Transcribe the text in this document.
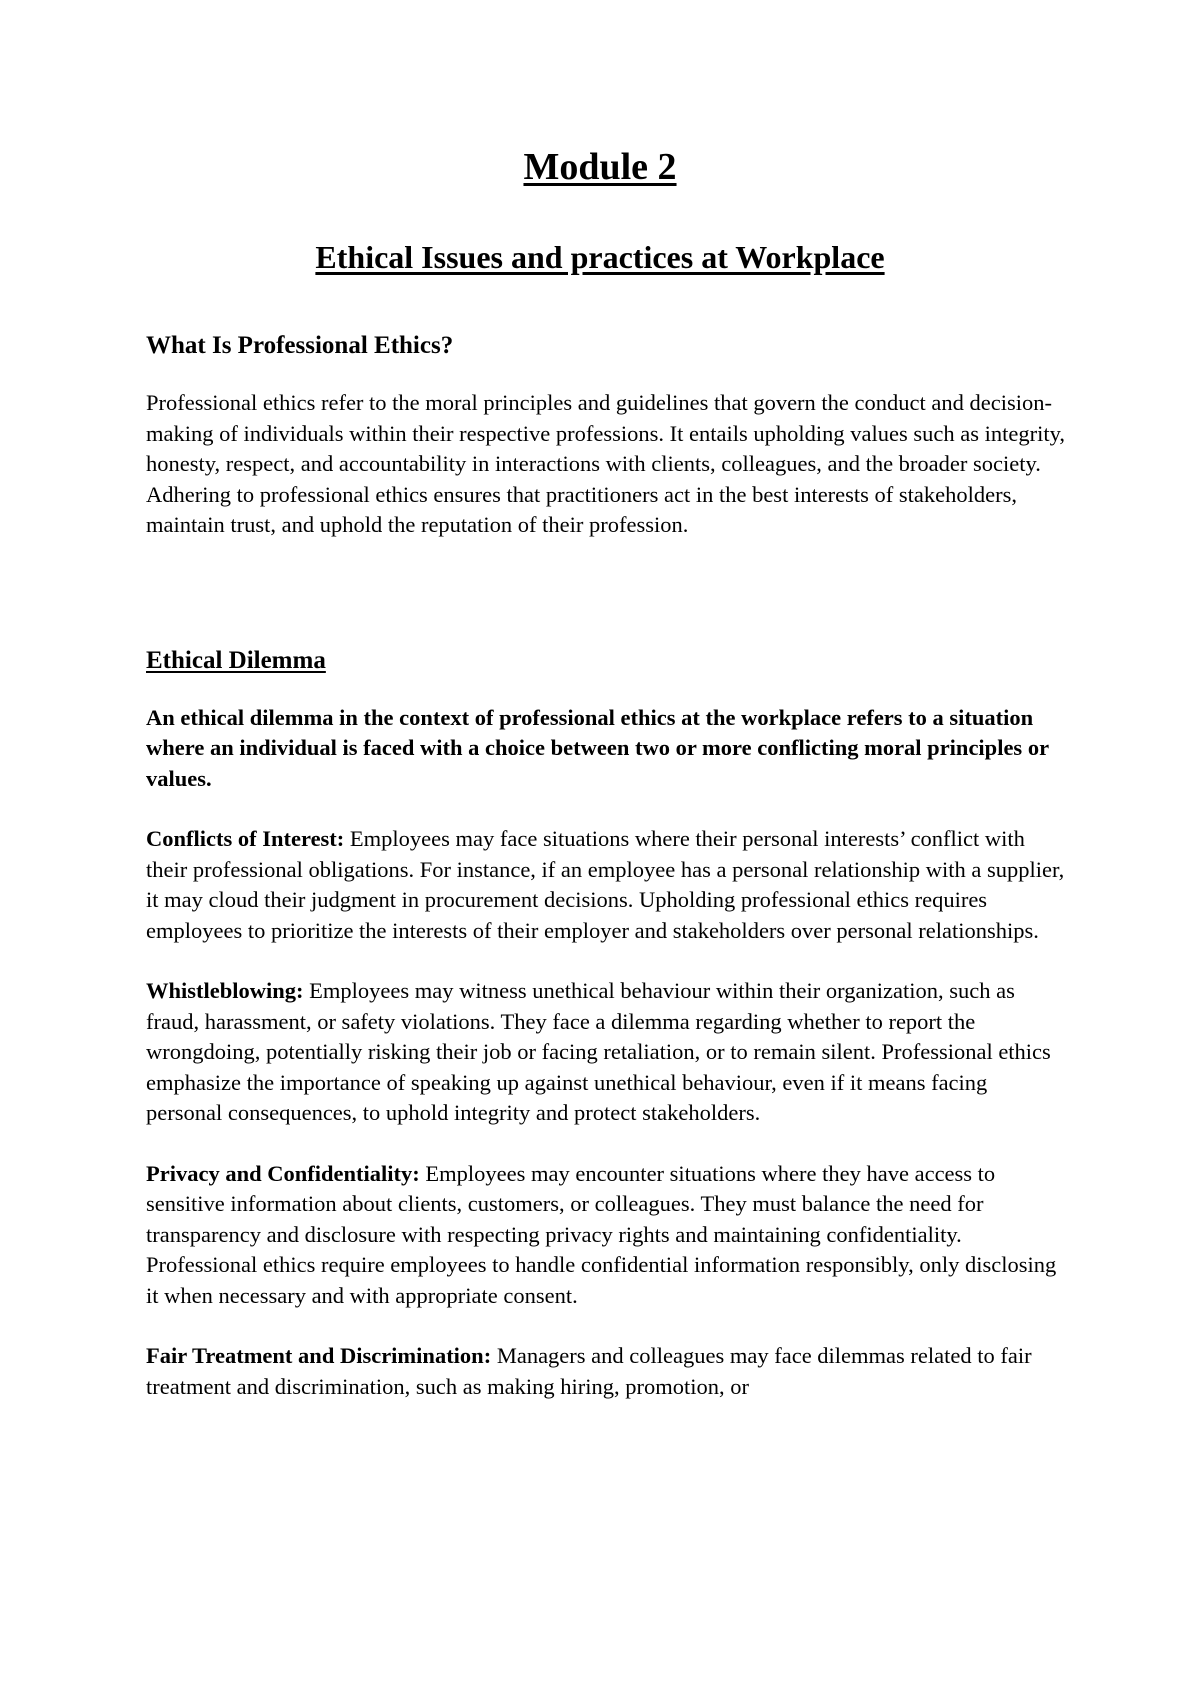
Module 2
Ethical Issues and practices at Workplace
What Is Professional Ethics?

Professional ethics refer to the moral principles and guidelines that govern the conduct and decision-making of individuals within their respective professions. It entails upholding values such as integrity, honesty, respect, and accountability in interactions with clients, colleagues, and the broader society. Adhering to professional ethics ensures that practitioners act in the best interests of stakeholders, maintain trust, and uphold the reputation of their profession.

Ethical Dilemma

An ethical dilemma in the context of professional ethics at the workplace refers to a situation where an individual is faced with a choice between two or more conflicting moral principles or values.

Conflicts of Interest: Employees may face situations where their personal interests’ conflict with their professional obligations. For instance, if an employee has a personal relationship with a supplier, it may cloud their judgment in procurement decisions. Upholding professional ethics requires employees to prioritize the interests of their employer and stakeholders over personal relationships.

Whistleblowing: Employees may witness unethical behaviour within their organization, such as fraud, harassment, or safety violations. They face a dilemma regarding whether to report the wrongdoing, potentially risking their job or facing retaliation, or to remain silent. Professional ethics emphasize the importance of speaking up against unethical behaviour, even if it means facing personal consequences, to uphold integrity and protect stakeholders.

Privacy and Confidentiality: Employees may encounter situations where they have access to sensitive information about clients, customers, or colleagues. They must balance the need for transparency and disclosure with respecting privacy rights and maintaining confidentiality. Professional ethics require employees to handle confidential information responsibly, only disclosing it when necessary and with appropriate consent.

Fair Treatment and Discrimination: Managers and colleagues may face dilemmas related to fair treatment and discrimination, such as making hiring, promotion, or
